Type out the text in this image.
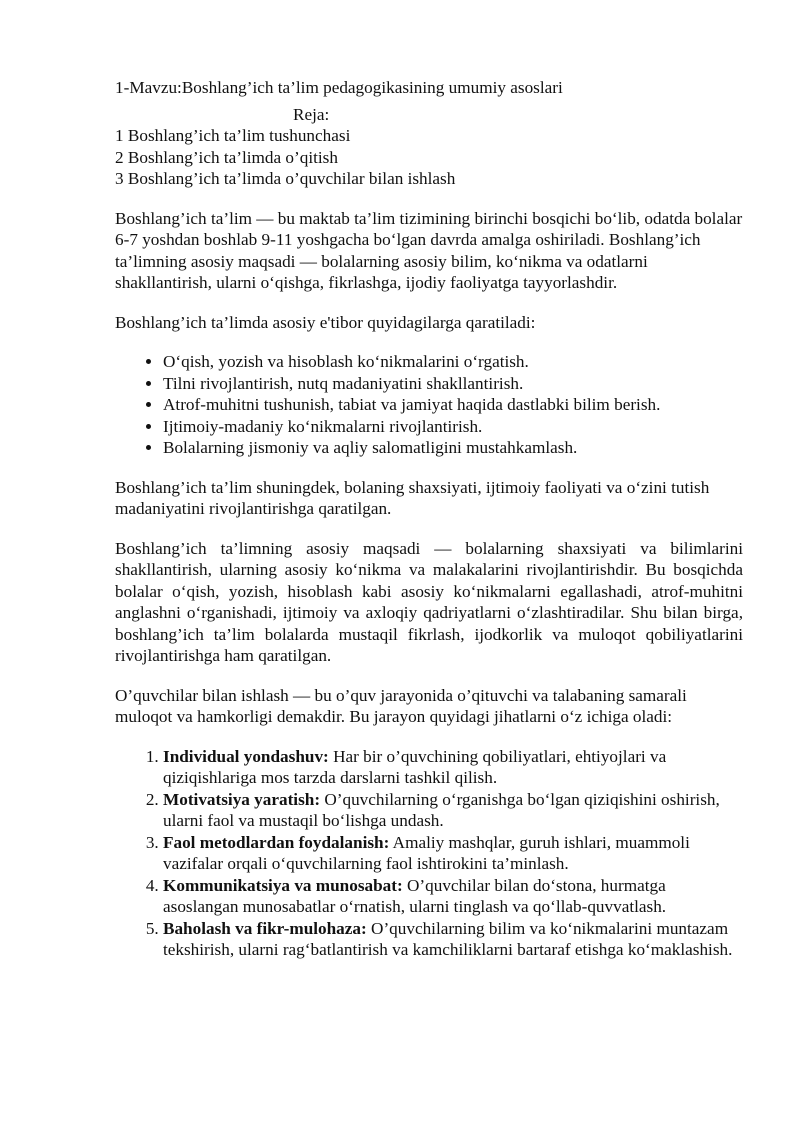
1-Mavzu:Boshlang’ich ta’lim pedagogikasining umumiy asoslari

Reja:

1 Boshlang’ich ta’lim tushunchasi
2 Boshlang’ich ta’limda o’qitish
3 Boshlang’ich ta’limda o’quvchilar bilan ishlash

Boshlang’ich ta’lim — bu maktab ta’lim tizimining birinchi bosqichi bo‘lib, odatda bolalar 6-7 yoshdan boshlab 9-11 yoshgacha bo‘lgan davrda amalga oshiriladi. Boshlang’ich ta’limning asosiy maqsadi — bolalarning asosiy bilim, ko‘nikma va odatlarni shakllantirish, ularni o‘qishga, fikrlashga, ijodiy faoliyatga tayyorlashdir.

Boshlang’ich ta’limda asosiy e'tibor quyidagilarga qaratiladi:

• O‘qish, yozish va hisoblash ko‘nikmalarini o‘rgatish.
• Tilni rivojlantirish, nutq madaniyatini shakllantirish.
• Atrof-muhitni tushunish, tabiat va jamiyat haqida dastlabki bilim berish.
• Ijtimoiy-madaniy ko‘nikmalarni rivojlantirish.
• Bolalarning jismoniy va aqliy salomatligini mustahkamlash.

Boshlang’ich ta’lim shuningdek, bolaning shaxsiyati, ijtimoiy faoliyati va o‘zini tutish madaniyatini rivojlantirishga qaratilgan.

Boshlang’ich ta’limning asosiy maqsadi — bolalarning shaxsiyati va bilimlarini shakllantirish, ularning asosiy ko‘nikma va malakalarini rivojlantirishdir. Bu bosqichda bolalar o‘qish, yozish, hisoblash kabi asosiy ko‘nikmalarni egallashadi, atrof-muhitni anglashni o‘rganishadi, ijtimoiy va axloqiy qadriyatlarni o‘zlashtiradilar. Shu bilan birga, boshlang’ich ta’lim bolalarda mustaqil fikrlash, ijodkorlik va muloqot qobiliyatlarini rivojlantirishga ham qaratilgan.

O’quvchilar bilan ishlash — bu o’quv jarayonida o’qituvchi va talabaning samarali muloqot va hamkorligi demakdir. Bu jarayon quyidagi jihatlarni o‘z ichiga oladi:

1. Individual yondashuv: Har bir o’quvchining qobiliyatlari, ehtiyojlari va qiziqishlariga mos tarzda darslarni tashkil qilish.
2. Motivatsiya yaratish: O’quvchilarning o‘rganishga bo‘lgan qiziqishini oshirish, ularni faol va mustaqil bo‘lishga undash.
3. Faol metodlardan foydalanish: Amaliy mashqlar, guruh ishlari, muammoli vazifalar orqali o‘quvchilarning faol ishtirokini ta’minlash.
4. Kommunikatsiya va munosabat: O’quvchilar bilan do‘stona, hurmatga asoslangan munosabatlar o‘rnatish, ularni tinglash va qo‘llab-quvvatlash.
5. Baholash va fikr-mulohaza: O’quvchilarning bilim va ko‘nikmalarini muntazam tekshirish, ularni rag‘batlantirish va kamchiliklarni bartaraf etishga ko‘maklashish.
